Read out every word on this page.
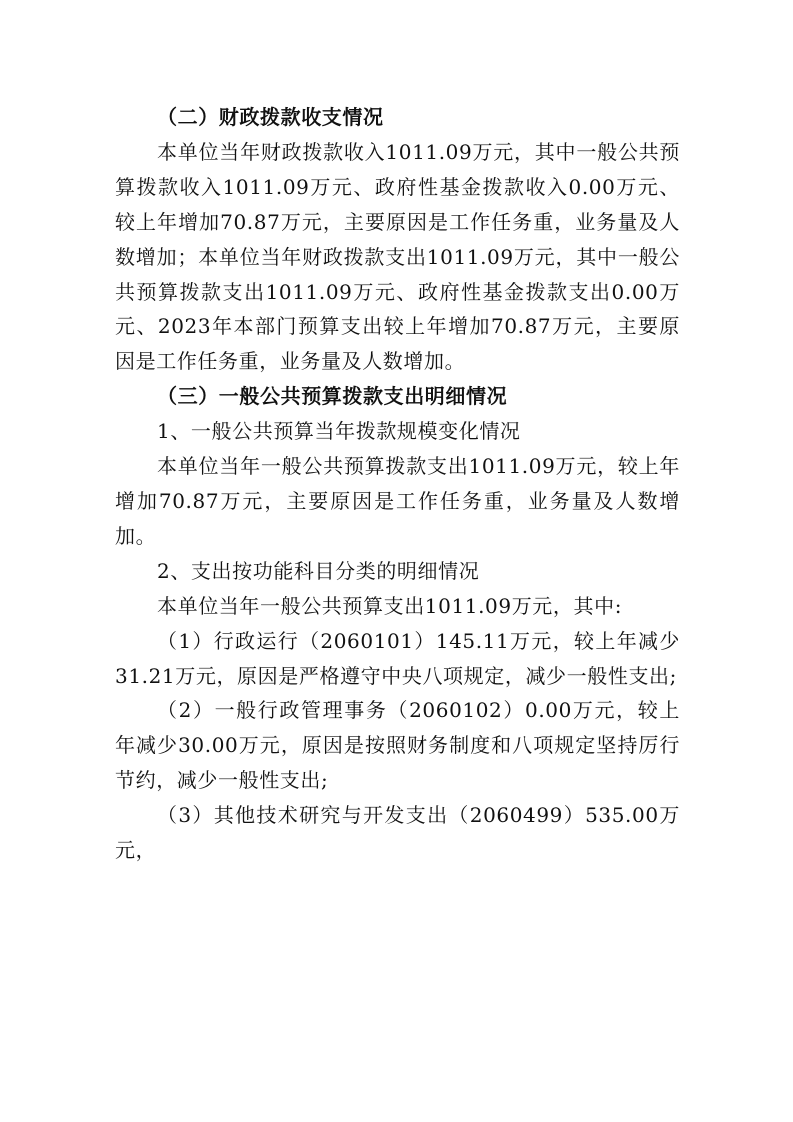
（二）财政拨款收支情况

本单位当年财政拨款收入1011.09万元，其中一般公共预算拨款收入1011.09万元、政府性基金拨款收入0.00万元、较上年增加70.87万元，主要原因是工作任务重，业务量及人数增加；本单位当年财政拨款支出1011.09万元，其中一般公共预算拨款支出1011.09万元、政府性基金拨款支出0.00万元、2023年本部门预算支出较上年增加70.87万元，主要原因是工作任务重，业务量及人数增加。

（三）一般公共预算拨款支出明细情况

1、一般公共预算当年拨款规模变化情况

本单位当年一般公共预算拨款支出1011.09万元，较上年增加70.87万元，主要原因是工作任务重，业务量及人数增加。

2、支出按功能科目分类的明细情况

本单位当年一般公共预算支出1011.09万元，其中:

（1）行政运行（2060101）145.11万元，较上年减少31.21万元，原因是严格遵守中央八项规定，减少一般性支出;

（2）一般行政管理事务（2060102）0.00万元，较上年减少30.00万元，原因是按照财务制度和八项规定坚持厉行节约，减少一般性支出;

（3）其他技术研究与开发支出（2060499）535.00万元，
